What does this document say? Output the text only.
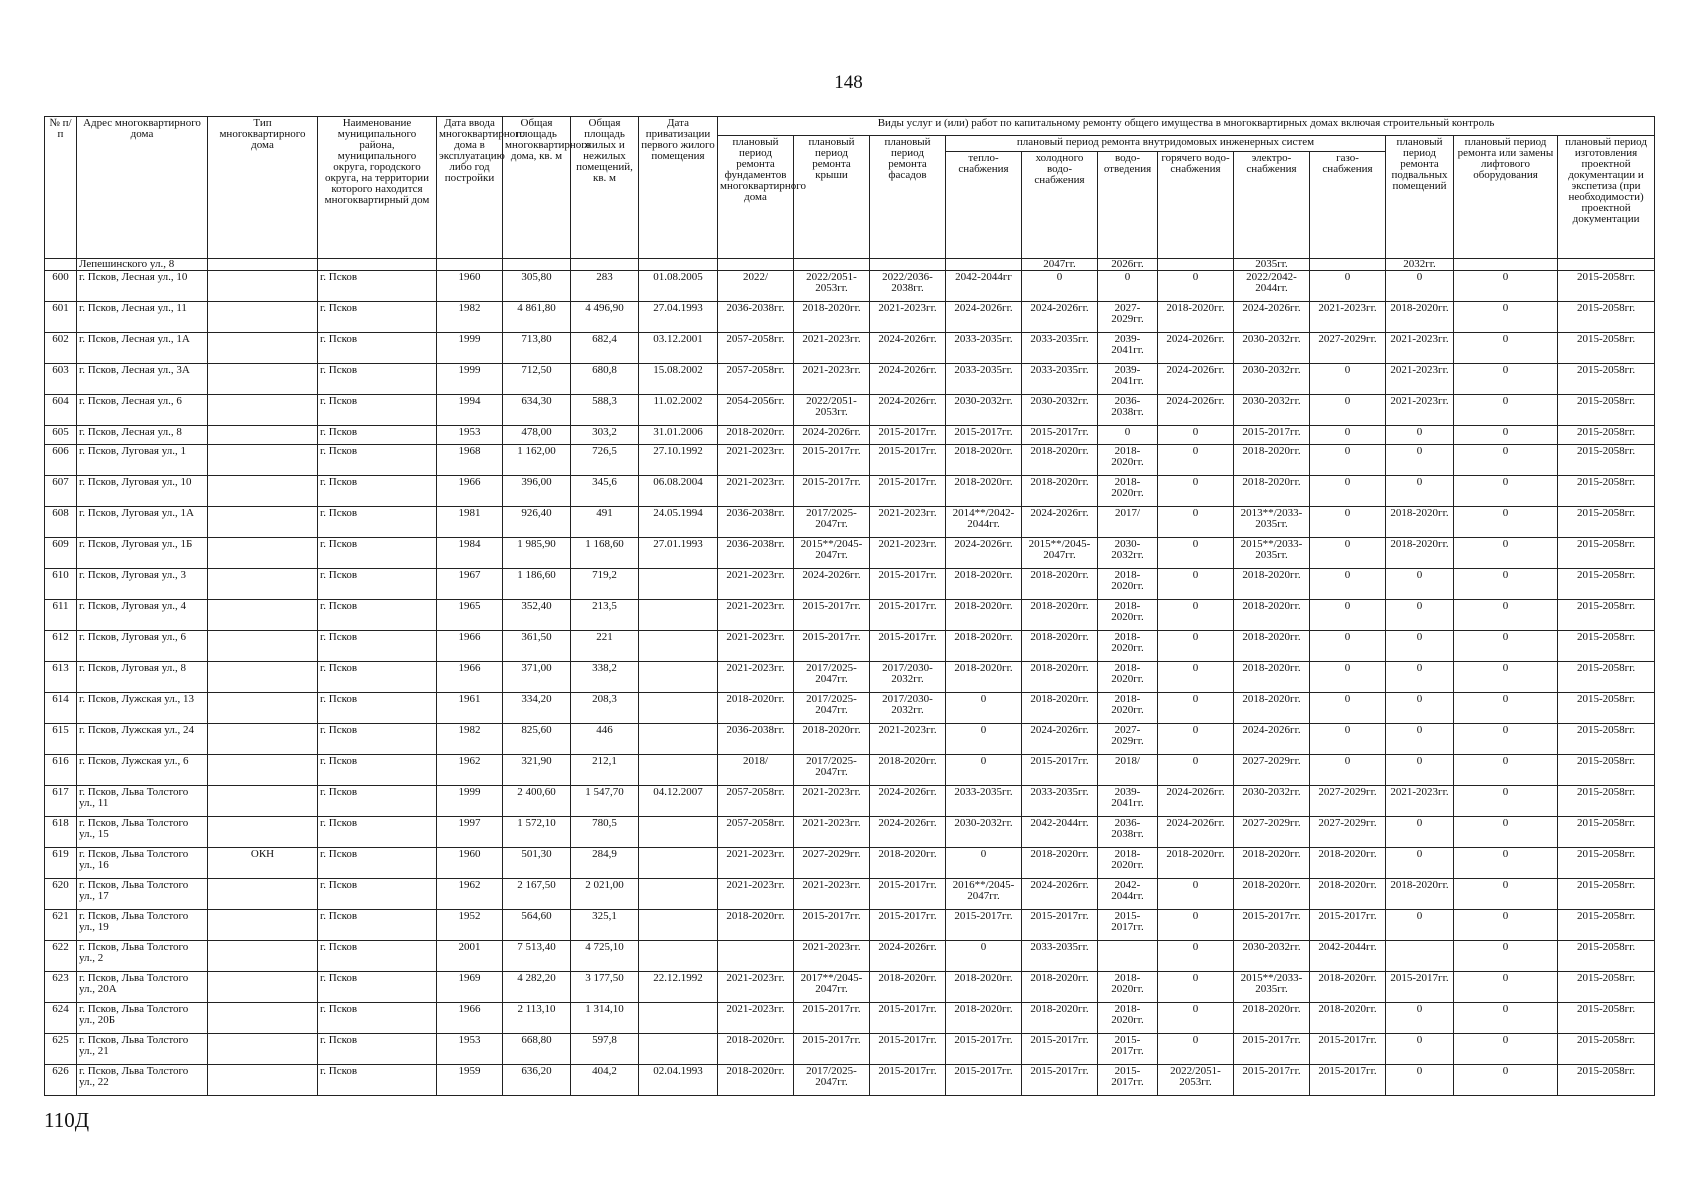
148
№ п/п	Адрес многоквартирного дома	Тип многоквартирного дома	Наименование муниципального района, муниципального округа, городского округа, на территории которого находится многоквартирный дом	Дата ввода многоквартирного дома в эксплуатацию либо год постройки	Общая площадь многоквартирного дома, кв. м	Общая площадь жилых и нежилых помещений, кв. м	Дата приватизации первого жилого помещения	Виды услуг и (или) работ по капитальному ремонту общего имущества в многоквартирных домах включая строительный контроль											
								плановый период ремонта фундаментов многоквартирного дома	плановый период ремонта крыши	плановый период ремонта фасадов	плановый период ремонта внутридомовых инженерных систем						плановый период ремонта подвальных помещений	плановый период ремонта или замены лифтового оборудования	плановый период изготовления проектной документации и экспетиза (при необходимости) проектной документации
											тепло-снабжения	холодного водо-снабжения	водо-отведения	горячего водо-снабжения	электро-снабжения	газо-снабжения			
	Лепешинского ул., 8											2047гг.	2026гг.		2035гг.		2032гг.		
600	г. Псков, Лесная ул., 10		г. Псков	1960	305,80	283	01.08.2005	2022/	2022/2051-2053гг.	2022/2036-2038гг.	2042-2044гг	0	0	0	2022/2042-2044гг.	0	0	0	2015-2058гг.
601	г. Псков, Лесная ул., 11		г. Псков	1982	4 861,80	4 496,90	27.04.1993	2036-2038гг.	2018-2020гг.	2021-2023гг.	2024-2026гг.	2024-2026гг.	2027-2029гг.	2018-2020гг.	2024-2026гг.	2021-2023гг.	2018-2020гг.	0	2015-2058гг.
602	г. Псков, Лесная ул., 1А		г. Псков	1999	713,80	682,4	03.12.2001	2057-2058гг.	2021-2023гг.	2024-2026гг.	2033-2035гг.	2033-2035гг.	2039-2041гг.	2024-2026гг.	2030-2032гг.	2027-2029гг.	2021-2023гг.	0	2015-2058гг.
603	г. Псков, Лесная ул., 3А		г. Псков	1999	712,50	680,8	15.08.2002	2057-2058гг.	2021-2023гг.	2024-2026гг.	2033-2035гг.	2033-2035гг.	2039-2041гг.	2024-2026гг.	2030-2032гг.	0	2021-2023гг.	0	2015-2058гг.
604	г. Псков, Лесная ул., 6		г. Псков	1994	634,30	588,3	11.02.2002	2054-2056гг.	2022/2051-2053гг.	2024-2026гг.	2030-2032гг.	2030-2032гг.	2036-2038гг.	2024-2026гг.	2030-2032гг.	0	2021-2023гг.	0	2015-2058гг.
605	г. Псков, Лесная ул., 8		г. Псков	1953	478,00	303,2	31.01.2006	2018-2020гг.	2024-2026гг.	2015-2017гг.	2015-2017гг.	2015-2017гг.	0	0	2015-2017гг.	0	0	0	2015-2058гг.
606	г. Псков, Луговая ул., 1		г. Псков	1968	1 162,00	726,5	27.10.1992	2021-2023гг.	2015-2017гг.	2015-2017гг.	2018-2020гг.	2018-2020гг.	2018-2020гг.	0	2018-2020гг.	0	0	0	2015-2058гг.
607	г. Псков, Луговая ул., 10		г. Псков	1966	396,00	345,6	06.08.2004	2021-2023гг.	2015-2017гг.	2015-2017гг.	2018-2020гг.	2018-2020гг.	2018-2020гг.	0	2018-2020гг.	0	0	0	2015-2058гг.
608	г. Псков, Луговая ул., 1А		г. Псков	1981	926,40	491	24.05.1994	2036-2038гг.	2017/2025-2047гг.	2021-2023гг.	2014**/2042-2044гг.	2024-2026гг.	2017/	0	2013**/2033-2035гг.	0	2018-2020гг.	0	2015-2058гг.
609	г. Псков, Луговая ул., 1Б		г. Псков	1984	1 985,90	1 168,60	27.01.1993	2036-2038гг.	2015**/2045-2047гг.	2021-2023гг.	2024-2026гг.	2015**/2045-2047гг.	2030-2032гг.	0	2015**/2033-2035гг.	0	2018-2020гг.	0	2015-2058гг.
610	г. Псков, Луговая ул., 3		г. Псков	1967	1 186,60	719,2		2021-2023гг.	2024-2026гг.	2015-2017гг.	2018-2020гг.	2018-2020гг.	2018-2020гг.	0	2018-2020гг.	0	0	0	2015-2058гг.
611	г. Псков, Луговая ул., 4		г. Псков	1965	352,40	213,5		2021-2023гг.	2015-2017гг.	2015-2017гг.	2018-2020гг.	2018-2020гг.	2018-2020гг.	0	2018-2020гг.	0	0	0	2015-2058гг.
612	г. Псков, Луговая ул., 6		г. Псков	1966	361,50	221		2021-2023гг.	2015-2017гг.	2015-2017гг.	2018-2020гг.	2018-2020гг.	2018-2020гг.	0	2018-2020гг.	0	0	0	2015-2058гг.
613	г. Псков, Луговая ул., 8		г. Псков	1966	371,00	338,2		2021-2023гг.	2017/2025-2047гг.	2017/2030-2032гг.	2018-2020гг.	2018-2020гг.	2018-2020гг.	0	2018-2020гг.	0	0	0	2015-2058гг.
614	г. Псков, Лужская ул., 13		г. Псков	1961	334,20	208,3		2018-2020гг.	2017/2025-2047гг.	2017/2030-2032гг.	0	2018-2020гг.	2018-2020гг.	0	2018-2020гг.	0	0	0	2015-2058гг.
615	г. Псков, Лужская ул., 24		г. Псков	1982	825,60	446		2036-2038гг.	2018-2020гг.	2021-2023гг.	0	2024-2026гг.	2027-2029гг.	0	2024-2026гг.	0	0	0	2015-2058гг.
616	г. Псков, Лужская ул., 6		г. Псков	1962	321,90	212,1		2018/	2017/2025-2047гг.	2018-2020гг.	0	2015-2017гг.	2018/	0	2027-2029гг.	0	0	0	2015-2058гг.
617	г. Псков, Льва Толстого ул., 11		г. Псков	1999	2 400,60	1 547,70	04.12.2007	2057-2058гг.	2021-2023гг.	2024-2026гг.	2033-2035гг.	2033-2035гг.	2039-2041гг.	2024-2026гг.	2030-2032гг.	2027-2029гг.	2021-2023гг.	0	2015-2058гг.
618	г. Псков, Льва Толстого ул., 15		г. Псков	1997	1 572,10	780,5		2057-2058гг.	2021-2023гг.	2024-2026гг.	2030-2032гг.	2042-2044гг.	2036-2038гг.	2024-2026гг.	2027-2029гг.	2027-2029гг.	0	0	2015-2058гг.
619	г. Псков, Льва Толстого ул., 16	ОКН	г. Псков	1960	501,30	284,9		2021-2023гг.	2027-2029гг.	2018-2020гг.	0	2018-2020гг.	2018-2020гг.	2018-2020гг.	2018-2020гг.	2018-2020гг.	0	0	2015-2058гг.
620	г. Псков, Льва Толстого ул., 17		г. Псков	1962	2 167,50	2 021,00		2021-2023гг.	2021-2023гг.	2015-2017гг.	2016**/2045-2047гг.	2024-2026гг.	2042-2044гг.	0	2018-2020гг.	2018-2020гг.	2018-2020гг.	0	2015-2058гг.
621	г. Псков, Льва Толстого ул., 19		г. Псков	1952	564,60	325,1		2018-2020гг.	2015-2017гг.	2015-2017гг.	2015-2017гг.	2015-2017гг.	2015-2017гг.	0	2015-2017гг.	2015-2017гг.	0	0	2015-2058гг.
622	г. Псков, Льва Толстого ул., 2		г. Псков	2001	7 513,40	4 725,10			2021-2023гг.	2024-2026гг.	0	2033-2035гг.		0	2030-2032гг.	2042-2044гг.		0	2015-2058гг.
623	г. Псков, Льва Толстого ул., 20А		г. Псков	1969	4 282,20	3 177,50	22.12.1992	2021-2023гг.	2017**/2045-2047гг.	2018-2020гг.	2018-2020гг.	2018-2020гг.	2018-2020гг.	0	2015**/2033-2035гг.	2018-2020гг.	2015-2017гг.	0	2015-2058гг.
624	г. Псков, Льва Толстого ул., 20Б		г. Псков	1966	2 113,10	1 314,10		2021-2023гг.	2015-2017гг.	2015-2017гг.	2018-2020гг.	2018-2020гг.	2018-2020гг.	0	2018-2020гг.	2018-2020гг.	0	0	2015-2058гг.
625	г. Псков, Льва Толстого ул., 21		г. Псков	1953	668,80	597,8		2018-2020гг.	2015-2017гг.	2015-2017гг.	2015-2017гг.	2015-2017гг.	2015-2017гг.	0	2015-2017гг.	2015-2017гг.	0	0	2015-2058гг.
626	г. Псков, Льва Толстого ул., 22		г. Псков	1959	636,20	404,2	02.04.1993	2018-2020гг.	2017/2025-2047гг.	2015-2017гг.	2015-2017гг.	2015-2017гг.	2015-2017гг.	2022/2051-2053гг.	2015-2017гг.	2015-2017гг.	0	0	2015-2058гг.
110Д
